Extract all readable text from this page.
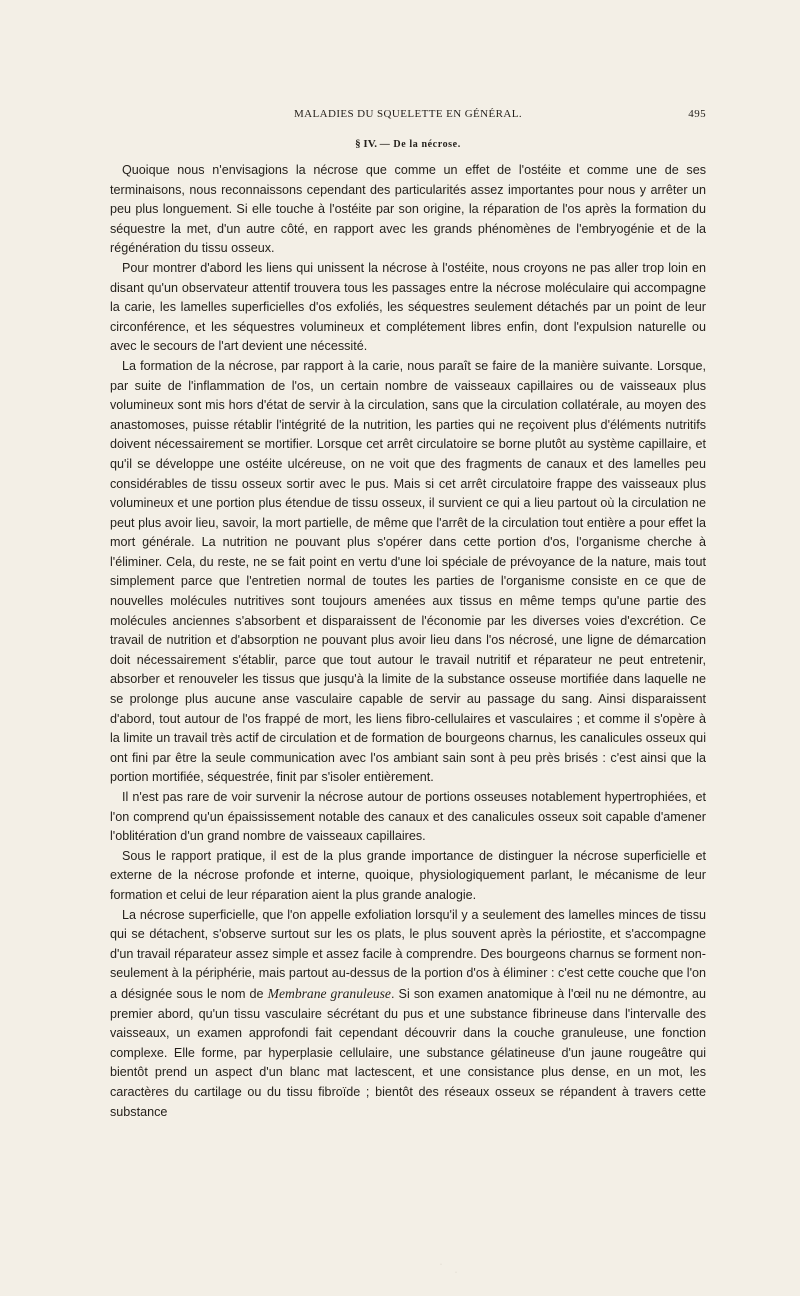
MALADIES DU SQUELETTE EN GÉNÉRAL.	495
§ IV. — De la nécrose.

Quoique nous n'envisagions la nécrose que comme un effet de l'ostéite et comme une de ses terminaisons, nous reconnaissons cependant des particularités assez importantes pour nous y arrêter un peu plus longuement. Si elle touche à l'ostéite par son origine, la réparation de l'os après la formation du séquestre la met, d'un autre côté, en rapport avec les grands phénomènes de l'embryogénie et de la régénération du tissu osseux.

Pour montrer d'abord les liens qui unissent la nécrose à l'ostéite, nous croyons ne pas aller trop loin en disant qu'un observateur attentif trouvera tous les passages entre la nécrose moléculaire qui accompagne la carie, les lamelles superficielles d'os exfoliés, les séquestres seulement détachés par un point de leur circonférence, et les séquestres volumineux et complétement libres enfin, dont l'expulsion naturelle ou avec le secours de l'art devient une nécessité.

La formation de la nécrose, par rapport à la carie, nous paraît se faire de la manière suivante. Lorsque, par suite de l'inflammation de l'os, un certain nombre de vaisseaux capillaires ou de vaisseaux plus volumineux sont mis hors d'état de servir à la circulation, sans que la circulation collatérale, au moyen des anastomoses, puisse rétablir l'intégrité de la nutrition, les parties qui ne reçoivent plus d'éléments nutritifs doivent nécessairement se mortifier. Lorsque cet arrêt circulatoire se borne plutôt au système capillaire, et qu'il se développe une ostéite ulcéreuse, on ne voit que des fragments de canaux et des lamelles peu considérables de tissu osseux sortir avec le pus. Mais si cet arrêt circulatoire frappe des vaisseaux plus volumineux et une portion plus étendue de tissu osseux, il survient ce qui a lieu partout où la circulation ne peut plus avoir lieu, savoir, la mort partielle, de même que l'arrêt de la circulation tout entière a pour effet la mort générale. La nutrition ne pouvant plus s'opérer dans cette portion d'os, l'organisme cherche à l'éliminer. Cela, du reste, ne se fait point en vertu d'une loi spéciale de prévoyance de la nature, mais tout simplement parce que l'entretien normal de toutes les parties de l'organisme consiste en ce que de nouvelles molécules nutritives sont toujours amenées aux tissus en même temps qu'une partie des molécules anciennes s'absorbent et disparaissent de l'économie par les diverses voies d'excrétion. Ce travail de nutrition et d'absorption ne pouvant plus avoir lieu dans l'os nécrosé, une ligne de démarcation doit nécessairement s'établir, parce que tout autour le travail nutritif et réparateur ne peut entretenir, absorber et renouveler les tissus que jusqu'à la limite de la substance osseuse mortifiée dans laquelle ne se prolonge plus aucune anse vasculaire capable de servir au passage du sang. Ainsi disparaissent d'abord, tout autour de l'os frappé de mort, les liens fibro-cellulaires et vasculaires ; et comme il s'opère à la limite un travail très actif de circulation et de formation de bourgeons charnus, les canalicules osseux qui ont fini par être la seule communication avec l'os ambiant sain sont à peu près brisés : c'est ainsi que la portion mortifiée, séquestrée, finit par s'isoler entièrement.

Il n'est pas rare de voir survenir la nécrose autour de portions osseuses notablement hypertrophiées, et l'on comprend qu'un épaississement notable des canaux et des canalicules osseux soit capable d'amener l'oblitération d'un grand nombre de vaisseaux capillaires.

Sous le rapport pratique, il est de la plus grande importance de distinguer la nécrose superficielle et externe de la nécrose profonde et interne, quoique, physiologiquement parlant, le mécanisme de leur formation et celui de leur réparation aient la plus grande analogie.

La nécrose superficielle, que l'on appelle exfoliation lorsqu'il y a seulement des lamelles minces de tissu qui se détachent, s'observe surtout sur les os plats, le plus souvent après la périostite, et s'accompagne d'un travail réparateur assez simple et assez facile à comprendre. Des bourgeons charnus se forment non-seulement à la périphérie, mais partout au-dessus de la portion d'os à éliminer : c'est cette couche que l'on a désignée sous le nom de Membrane granuleuse. Si son examen anatomique à l'œil nu ne démontre, au premier abord, qu'un tissu vasculaire sécrétant du pus et une substance fibrineuse dans l'intervalle des vaisseaux, un examen approfondi fait cependant découvrir dans la couche granuleuse, une fonction complexe. Elle forme, par hyperplasie cellulaire, une substance gélatineuse d'un jaune rougeâtre qui bientôt prend un aspect d'un blanc mat lactescent, et une consistance plus dense, en un mot, les caractères du cartilage ou du tissu fibroïde ; bientôt des réseaux osseux se répandent à travers cette substance

·
·
